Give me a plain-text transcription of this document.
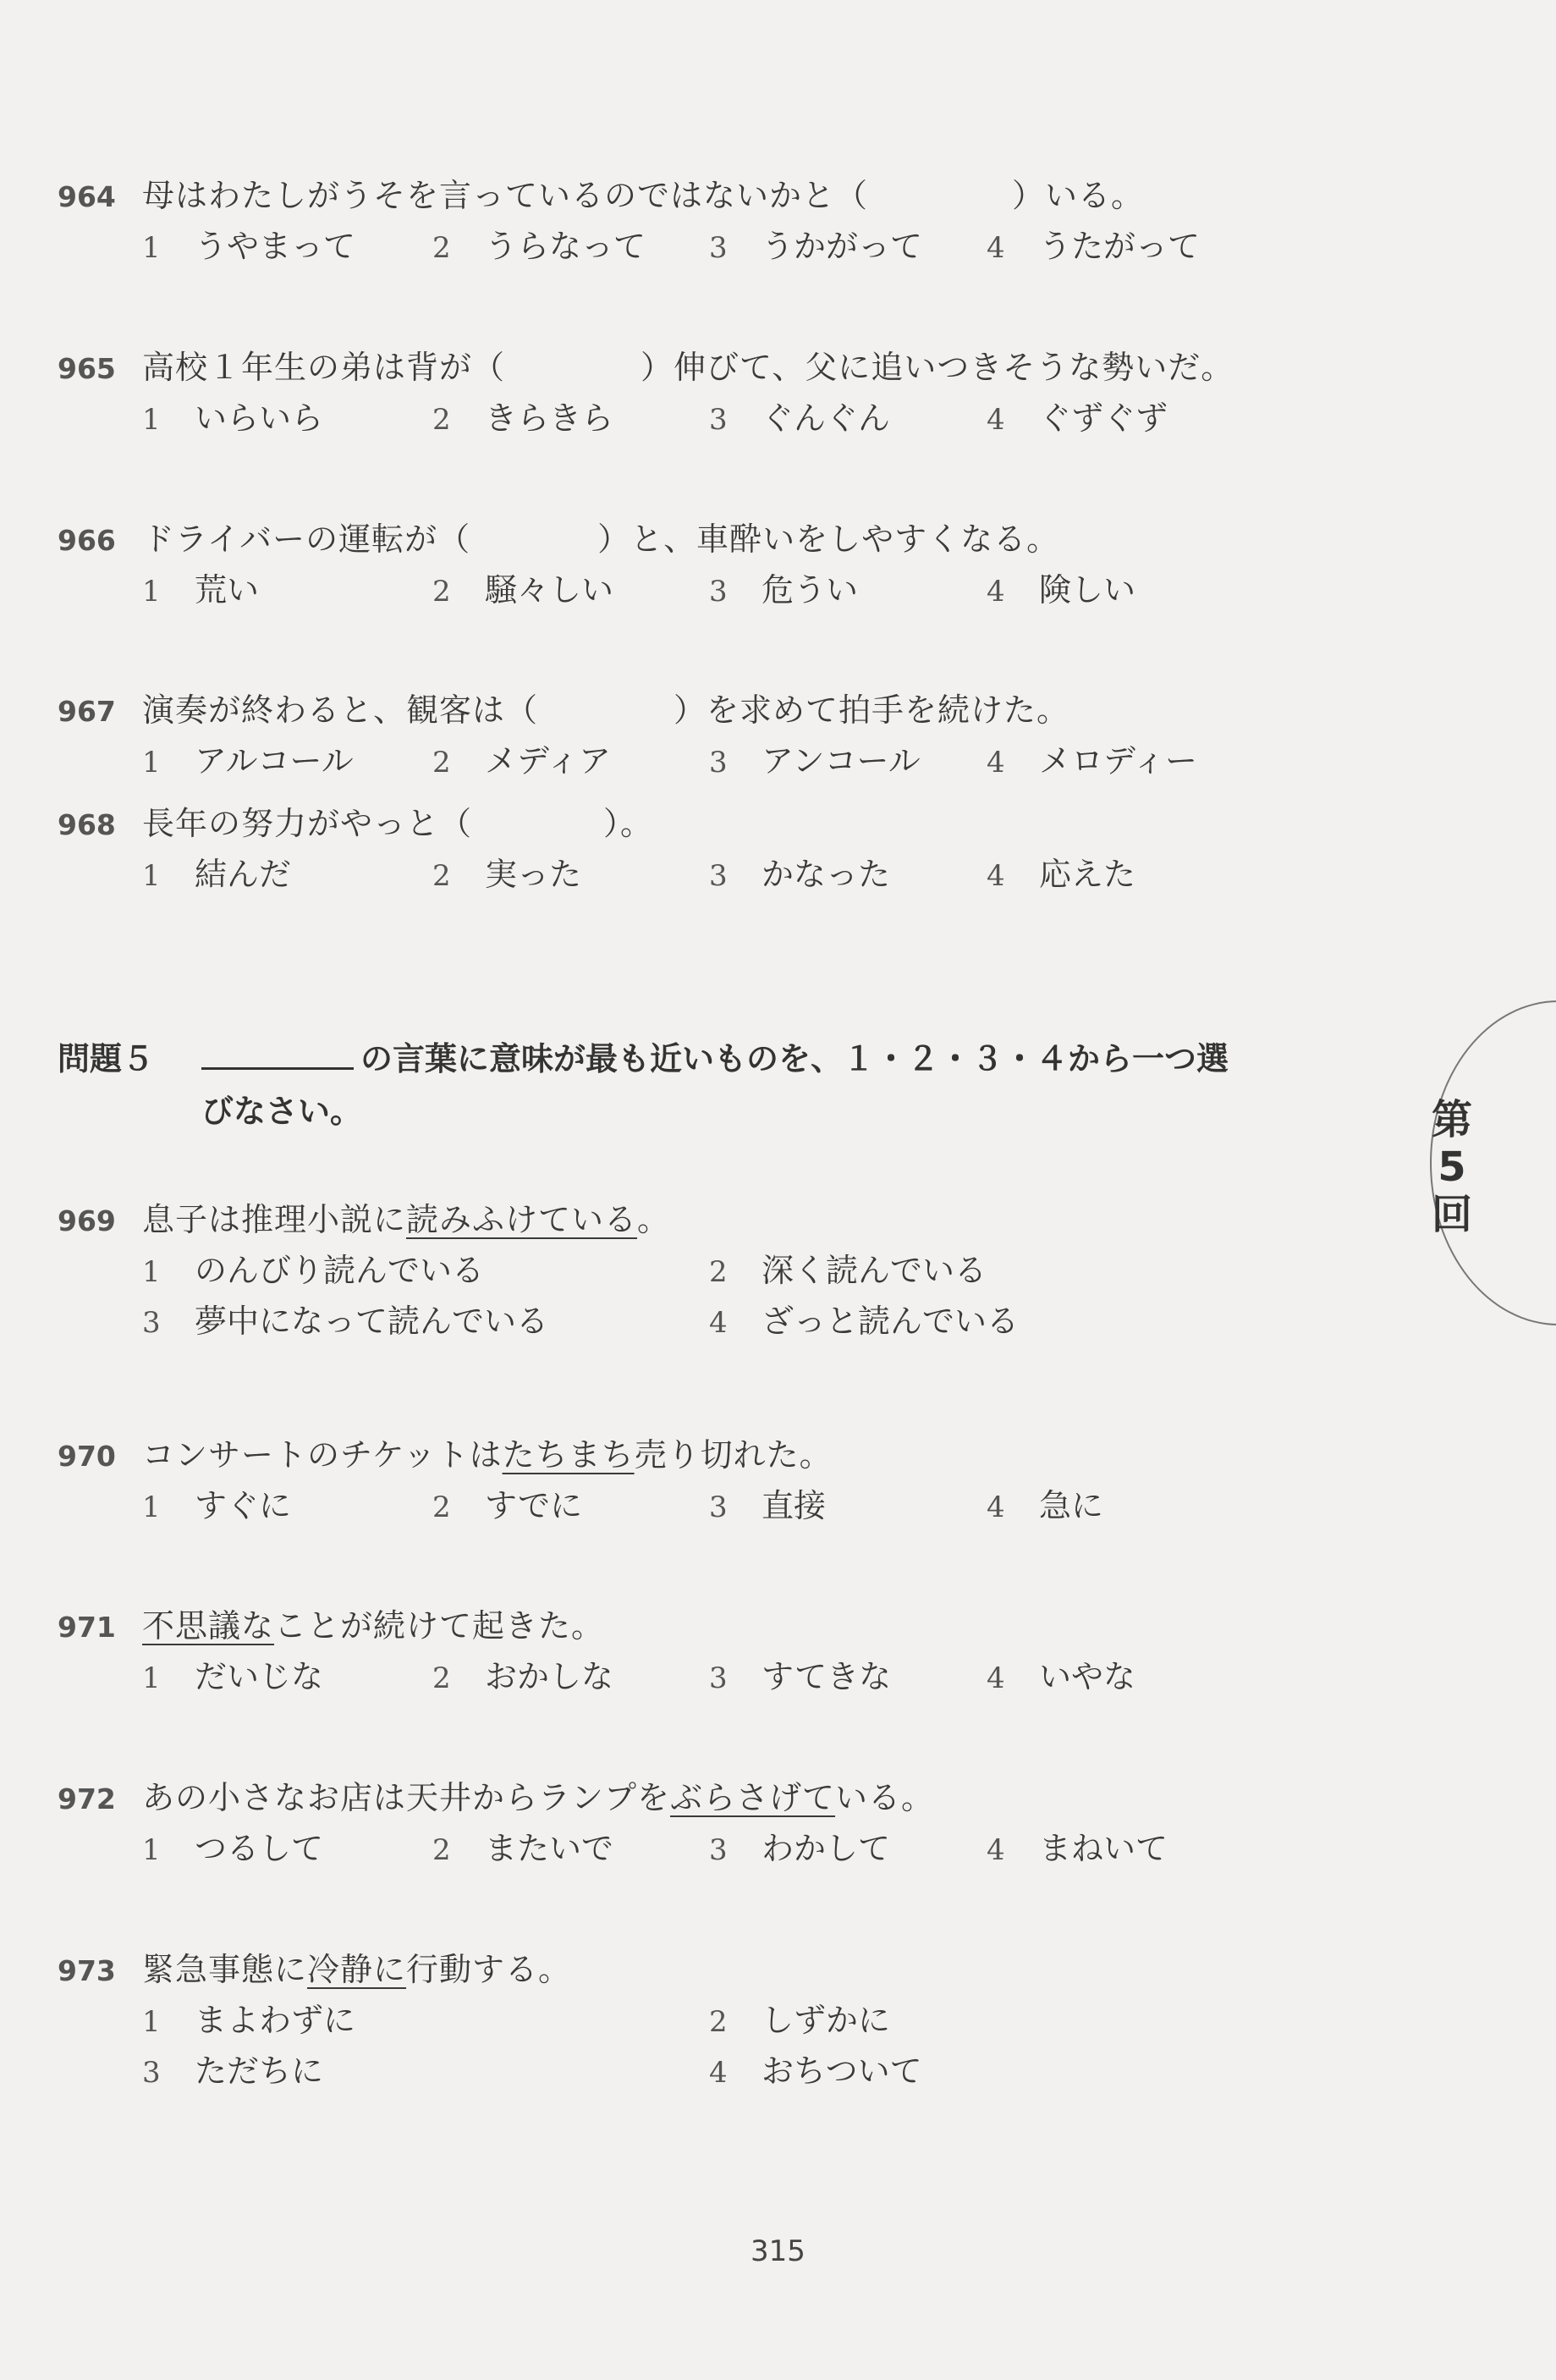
964 母はわたしがうそを言っているのではないかと（	）いる。
1	うやまって	2	うらなって 3	うかがって 4	うたがって
965 高校１年生の弟は背が（	）伸びて、父に追いつきそうな勢いだ。
1	いらいら	2	きらきら	3	ぐんぐん	4	ぐずぐず
966 ドライバーの運転が（	）と、車酔いをしやすくなる。
1	荒い	2	騒々しい	3	危うい	4	険しい
967 演奏が終わると、観客は（	）を求めて拍手を続けた。
1	アルコール	2	メディア	3	アンコール 4	メロディー
968 長年の努力がやっと（	）。
1	結んだ	2	実った	3	かなった	4	応えた
問題５	の言葉に意味が最も近いものを、１・２・３・４から一つ選
びなさい。	第
5
回
969 息子は推理小説に読みふけている。
1	のんびり読んでいる	2	深く読んでいる
3	夢中になって読んでいる	4	ざっと読んでいる
970 コンサートのチケットはたちまち売り切れた。
1	すぐに	2	すでに	3	直接	4	急に
971 不思議なことが続けて起きた。
1	だいじな	2	おかしな	3	すてきな	4	いやな
972 あの小さなお店は天井からランプをぶらさげている。
1	つるして	2	またいで	3	わかして	4	まねいて
973 緊急事態に冷静に行動する。
1	まよわずに	2	しずかに
3	ただちに	4	おちついて
315
